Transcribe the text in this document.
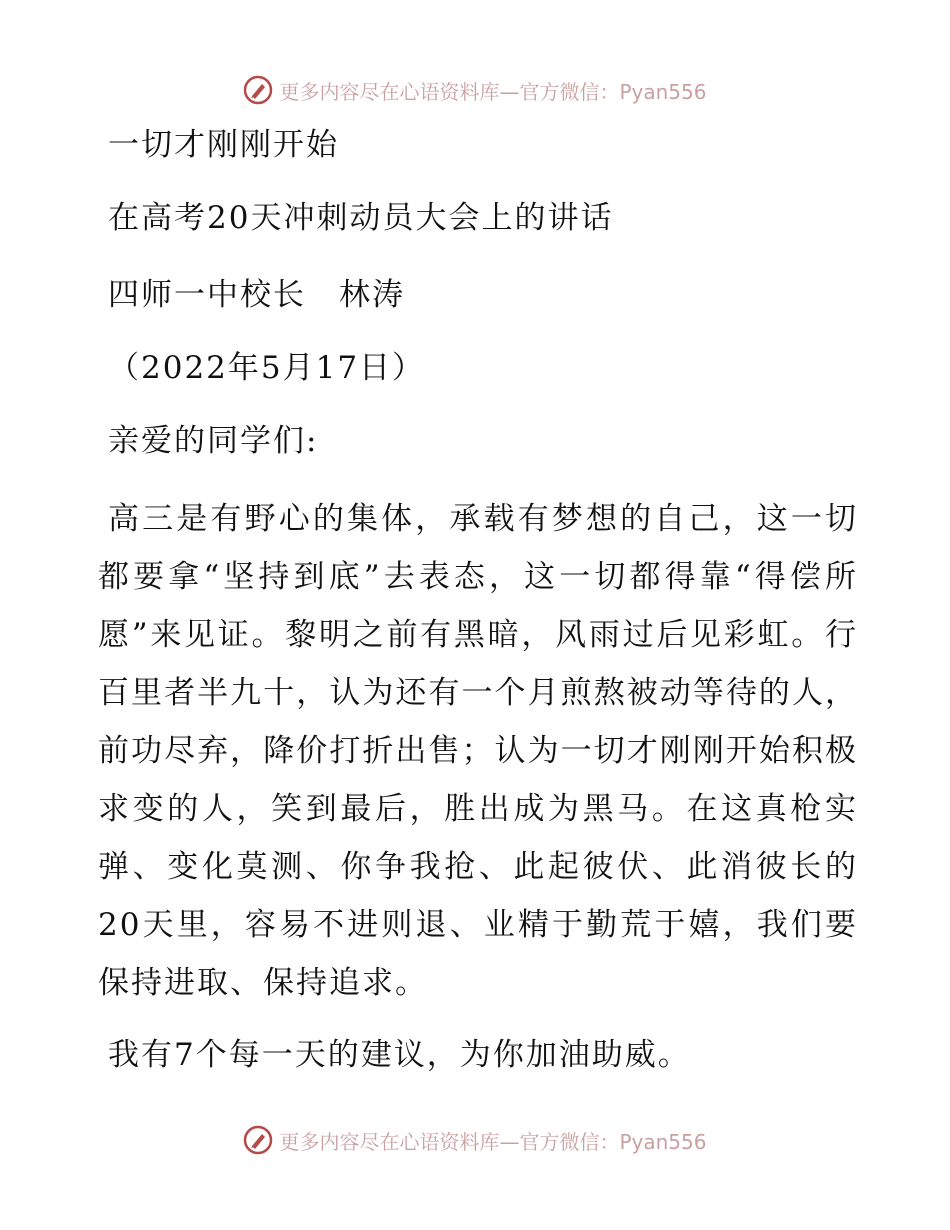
更多内容尽在心语资料库—官方微信：Pyan556
一切才刚刚开始
在高考20天冲刺动员大会上的讲话
四师一中校长　林涛
（2022年5月17日）
亲爱的同学们:
高三是有野心的集体，承载有梦想的自己，这一切都要拿“坚持到底”去表态，这一切都得靠“得偿所愿”来见证。黎明之前有黑暗，风雨过后见彩虹。行百里者半九十，认为还有一个月煎熬被动等待的人，前功尽弃，降价打折出售；认为一切才刚刚开始积极求变的人，笑到最后，胜出成为黑马。在这真枪实弹、变化莫测、你争我抢、此起彼伏、此消彼长的20天里，容易不进则退、业精于勤荒于嬉，我们要保持进取、保持追求。
我有7个每一天的建议，为你加油助威。
更多内容尽在心语资料库—官方微信：Pyan556
